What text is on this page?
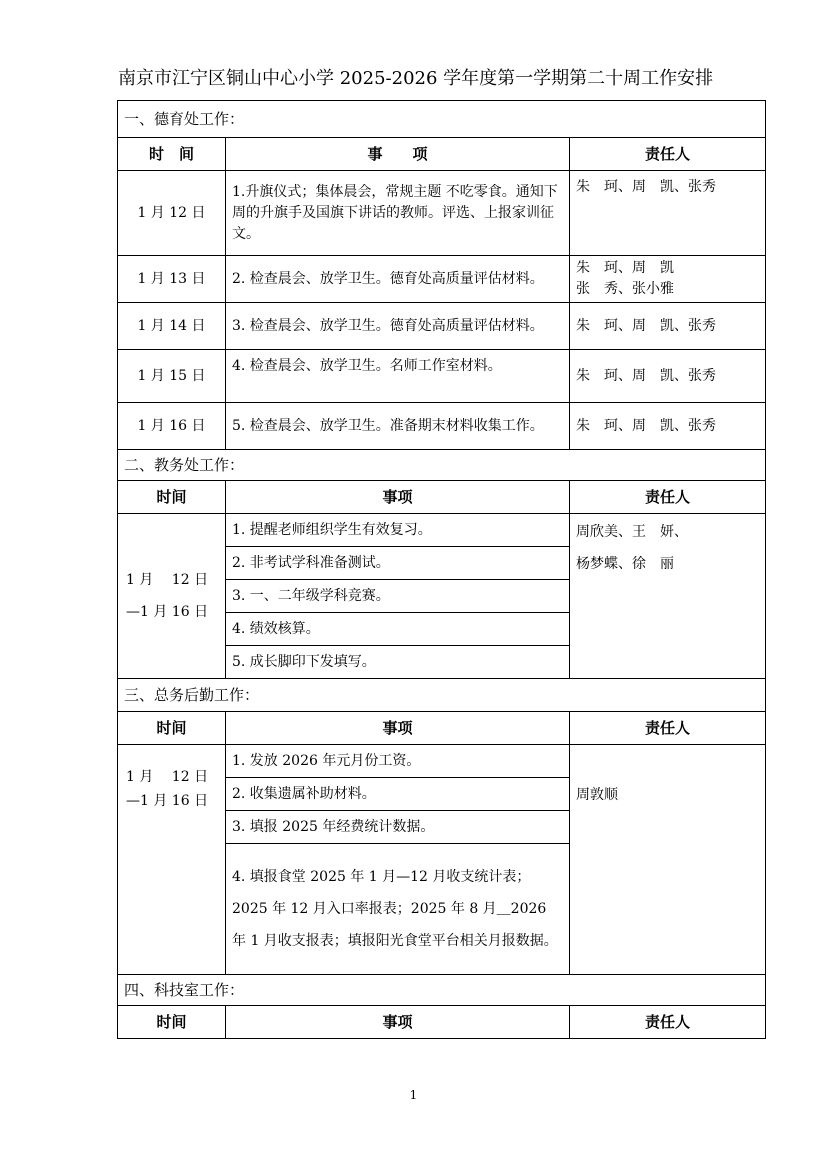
南京市江宁区铜山中心小学 2025-2026 学年度第一学期第二十周工作安排
一、德育处工作：		
时　间	事　　项	责任人
1 月 12 日	1.升旗仪式；集体晨会，常规主题 不吃零食。通知下周的升旗手及国旗下讲话的教师。评选、上报家训征文。	朱　珂、周　凯、张秀
1 月 13 日	2. 检查晨会、放学卫生。德育处高质量评估材料。	朱　珂、周　凯
张　秀、张小雅
1 月 14 日	3. 检查晨会、放学卫生。德育处高质量评估材料。	朱　珂、周　凯、张秀
1 月 15 日	4. 检查晨会、放学卫生。名师工作室材料。	朱　珂、周　凯、张秀
1 月 16 日	5. 检查晨会、放学卫生。准备期末材料收集工作。	朱　珂、周　凯、张秀
二、教务处工作：		
时间	事项	责任人
1 月　 12 日
—1 月 16 日	1. 提醒老师组织学生有效复习。	周欣美、王　妍、
杨梦蝶、徐　丽
	2. 非考试学科准备测试。	
	3. 一、二年级学科竞赛。	
	4. 绩效核算。	
	5. 成长脚印下发填写。	
三、总务后勤工作：		
时间	事项	责任人
1 月　 12 日
—1 月 16 日	1. 发放 2026 年元月份工资。	周敦顺
	2. 收集遗属补助材料。	
	3. 填报 2025 年经费统计数据。	
	4. 填报食堂 2025 年 1 月—12 月收支统计表；2025 年 12 月入口率报表；2025 年 8 月＿2026 年 1 月收支报表；填报阳光食堂平台相关月报数据。	
四、科技室工作：		
时间	事项	责任人
1
